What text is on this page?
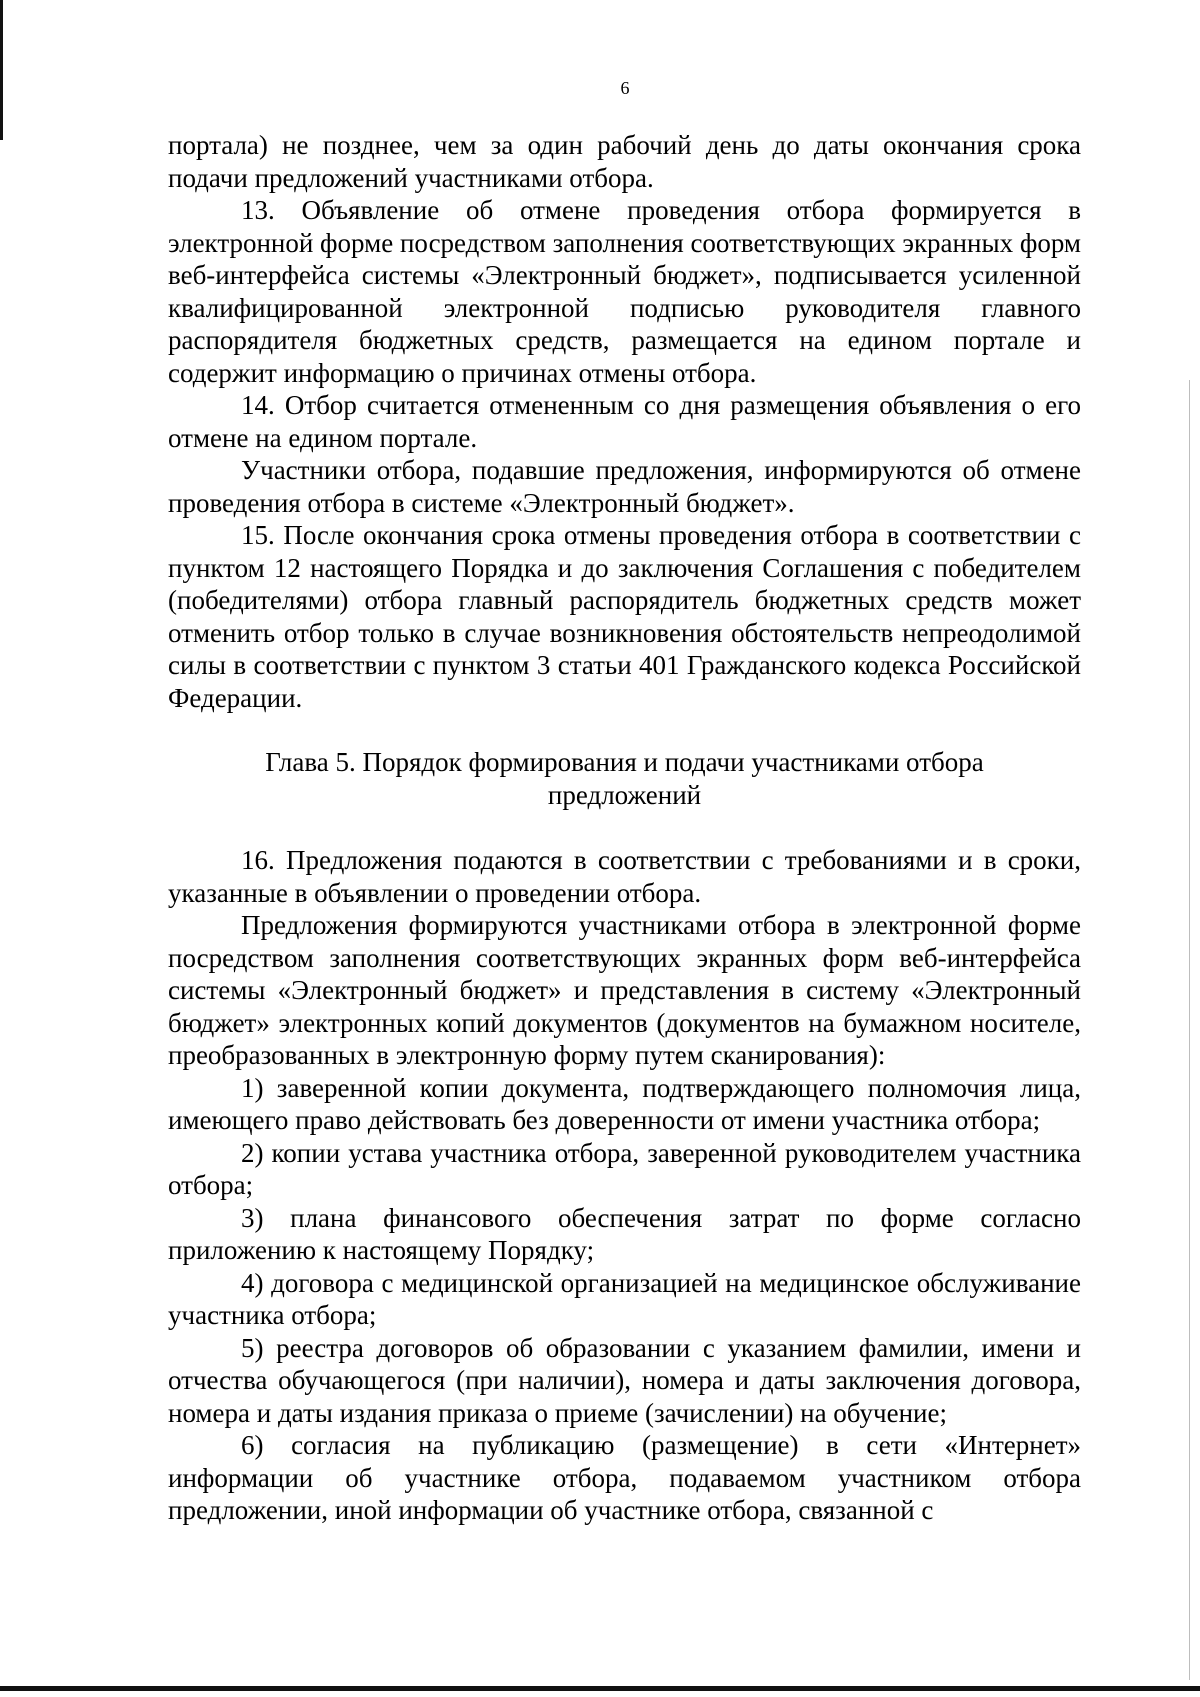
6

портала) не позднее, чем за один рабочий день до даты окончания срока подачи предложений участниками отбора.

13. Объявление об отмене проведения отбора формируется в электронной форме посредством заполнения соответствующих экранных форм веб-интерфейса системы «Электронный бюджет», подписывается усиленной квалифицированной электронной подписью руководителя главного распорядителя бюджетных средств, размещается на едином портале и содержит информацию о причинах отмены отбора.

14. Отбор считается отмененным со дня размещения объявления о его отмене на едином портале.

Участники отбора, подавшие предложения, информируются об отмене проведения отбора в системе «Электронный бюджет».

15. После окончания срока отмены проведения отбора в соответствии с пунктом 12 настоящего Порядка и до заключения Соглашения с победителем (победителями) отбора главный распорядитель бюджетных средств может отменить отбор только в случае возникновения обстоятельств непреодолимой силы в соответствии с пунктом 3 статьи 401 Гражданского кодекса Российской Федерации.

Глава 5. Порядок формирования и подачи участниками отбора
предложений

16. Предложения подаются в соответствии с требованиями и в сроки, указанные в объявлении о проведении отбора.

Предложения формируются участниками отбора в электронной форме посредством заполнения соответствующих экранных форм веб-интерфейса системы «Электронный бюджет» и представления в систему «Электронный бюджет» электронных копий документов (документов на бумажном носителе, преобразованных в электронную форму путем сканирования):

1) заверенной копии документа, подтверждающего полномочия лица, имеющего право действовать без доверенности от имени участника отбора;

2) копии устава участника отбора, заверенной руководителем участника отбора;

3) плана финансового обеспечения затрат по форме согласно приложению к настоящему Порядку;

4) договора с медицинской организацией на медицинское обслуживание участника отбора;

5) реестра договоров об образовании с указанием фамилии, имени и отчества обучающегося (при наличии), номера и даты заключения договора, номера и даты издания приказа о приеме (зачислении) на обучение;

6) согласия на публикацию (размещение) в сети «Интернет» информации об участнике отбора, подаваемом участником отбора предложении, иной информации об участнике отбора, связанной с
